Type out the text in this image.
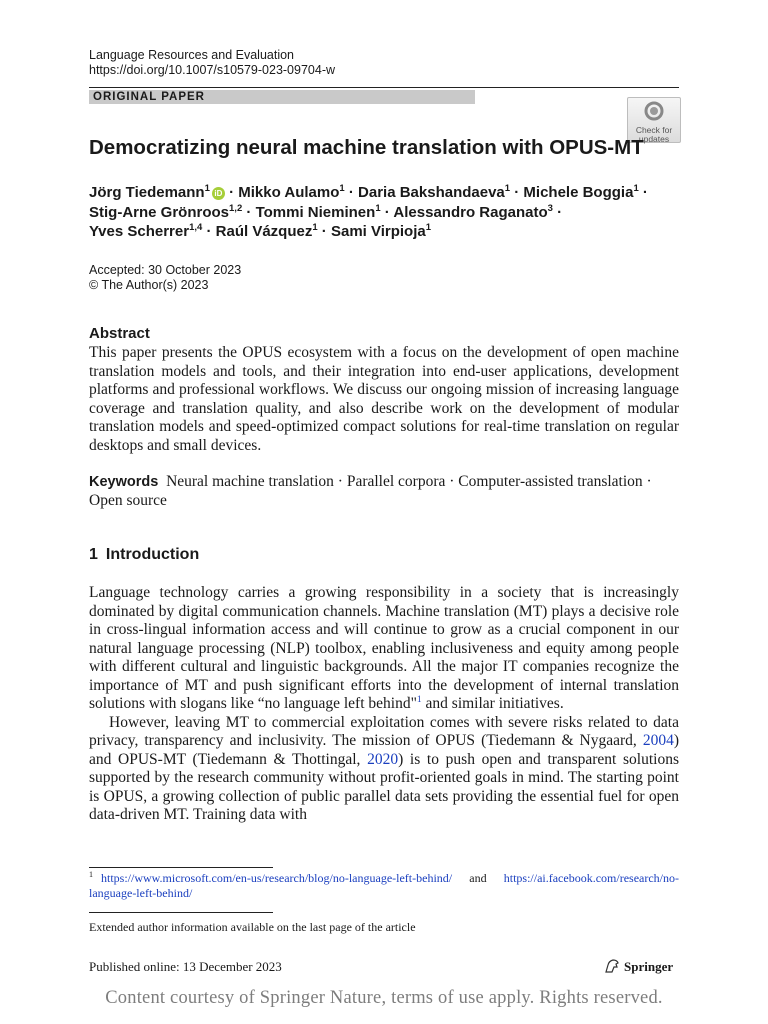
Language Resources and Evaluation
https://doi.org/10.1007/s10579-023-09704-w
ORIGINAL PAPER
Check for
updates
Democratizing neural machine translation with OPUS-MT
Jörg Tiedemann$^1$ iD · Mikko Aulamo$^1$ · Daria Bakshandaeva$^1$ · Michele Boggia$^1$ ·
Stig-Arne Grönroos$^{1,2}$ · Tommi Nieminen$^1$ · Alessandro Raganato$^3$ ·
Yves Scherrer$^{1,4}$ · Raúl Vázquez$^1$ · Sami Virpioja$^1$
Accepted: 30 October 2023
© The Author(s) 2023
Abstract
This paper presents the OPUS ecosystem with a focus on the development of open machine translation models and tools, and their integration into end-user applications, development platforms and professional workflows. We discuss our ongoing mission of increasing language coverage and translation quality, and also describe work on the development of modular translation models and speed-optimized compact solutions for real-time translation on regular desktops and small devices.
Keywords Neural machine translation · Parallel corpora · Computer-assisted translation · Open source
1 Introduction

Language technology carries a growing responsibility in a society that is increasingly dominated by digital communication channels. Machine translation (MT) plays a decisive role in cross-lingual information access and will continue to grow as a crucial component in our natural language processing (NLP) toolbox, enabling inclusiveness and equity among people with different cultural and linguistic backgrounds. All the major IT companies recognize the importance of MT and push significant efforts into the development of internal translation solutions with slogans like “no language left behind"$^1$ and similar initiatives.

However, leaving MT to commercial exploitation comes with severe risks related to data privacy, transparency and inclusivity. The mission of OPUS (Tiedemann & Nygaard, 2004) and OPUS-MT (Tiedemann & Thottingal, 2020) is to push open and transparent solutions supported by the research community without profit-oriented goals in mind. The starting point is OPUS, a growing collection of public parallel data sets providing the essential fuel for open data-driven MT. Training data with

$^1$ https://www.microsoft.com/en-us/research/blog/no-language-left-behind/ and https://ai.facebook.com/research/no-language-left-behind/
Extended author information available on the last page of the article
Published online: 13 December 2023	Springer
Content courtesy of Springer Nature, terms of use apply. Rights reserved.
